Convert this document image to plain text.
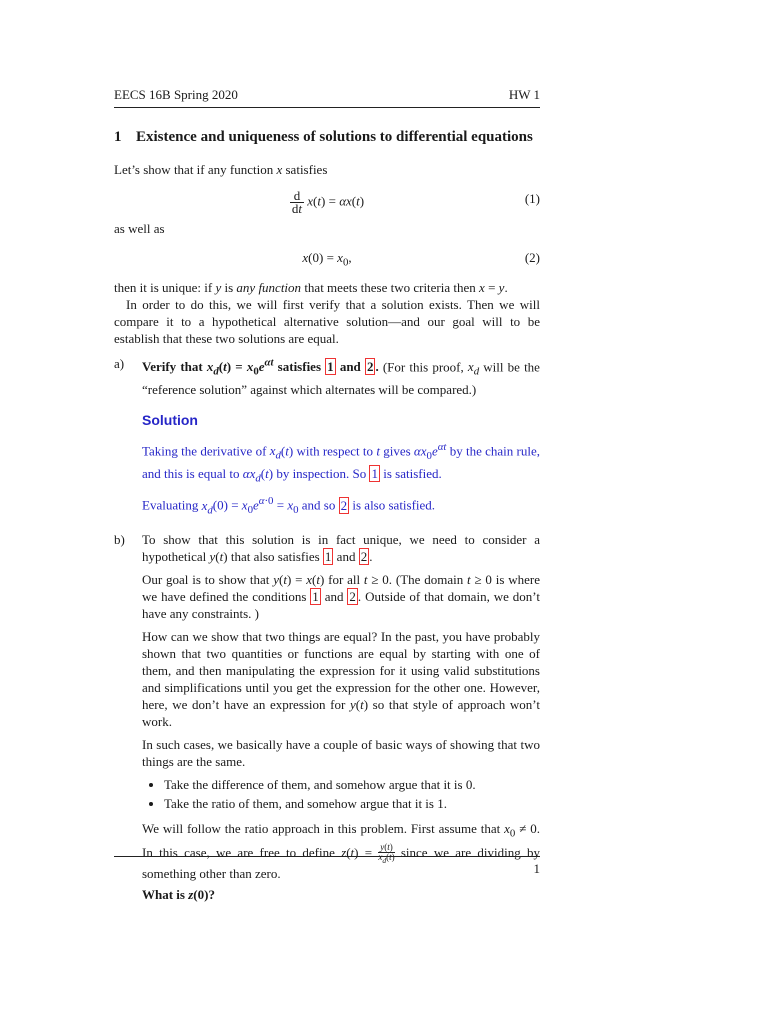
EECS 16B Spring 2020	HW 1
1 Existence and uniqueness of solutions to differential equations

Let’s show that if any function x satisfies

$\frac{d}{dt} x(t) = \alpha x(t)$	(1)

as well as

$x(0) = x_0$,	(2)

then it is unique: if y is any function that meets these two criteria then x = y.

In order to do this, we will first verify that a solution exists. Then we will compare it to a hypothetical alternative solution—and our goal will to be establish that these two solutions are equal.

a)	Verify that $x_d(t) = x_0e^{\alpha t}$ satisfies 1 and 2 . (For this proof, $x_d$ will be the “reference solution” against which alternates will be compared.)

Solution

Taking the derivative of $x_d(t)$ with respect to t gives $\alpha x_0e^{\alpha t}$ by the chain rule, and this is equal to $\alpha x_d(t)$ by inspection. So 1 is satisfied.

Evaluating $x_d(0) = x_0e^{\alpha\cdot 0} = x_0$ and so 2 is also satisfied.

b)	To show that this solution is in fact unique, we need to consider a hypothetical y(t) that also satisfies 1 and 2 .

Our goal is to show that y(t) = x(t) for all t ≥ 0. (The domain t ≥ 0 is where we have defined the conditions 1 and 2 . Outside of that domain, we don’t have any constraints. )

How can we show that two things are equal? In the past, you have probably shown that two quantities or functions are equal by starting with one of them, and then manipulating the expression for it using valid substitutions and simplifications until you get the expression for the other one. However, here, we don’t have an expression for y(t) so that style of approach won’t work.

In such cases, we basically have a couple of basic ways of showing that two things are the same.

• Take the difference of them, and somehow argue that it is 0.
• Take the ratio of them, and somehow argue that it is 1.

We will follow the ratio approach in this problem. First assume that $x_0 \ne 0$. In this case, we are free to define $z(t) = \frac{y(t)}{x_d(t)}$ since we are dividing by something other than zero.

What is z(0)?

1
